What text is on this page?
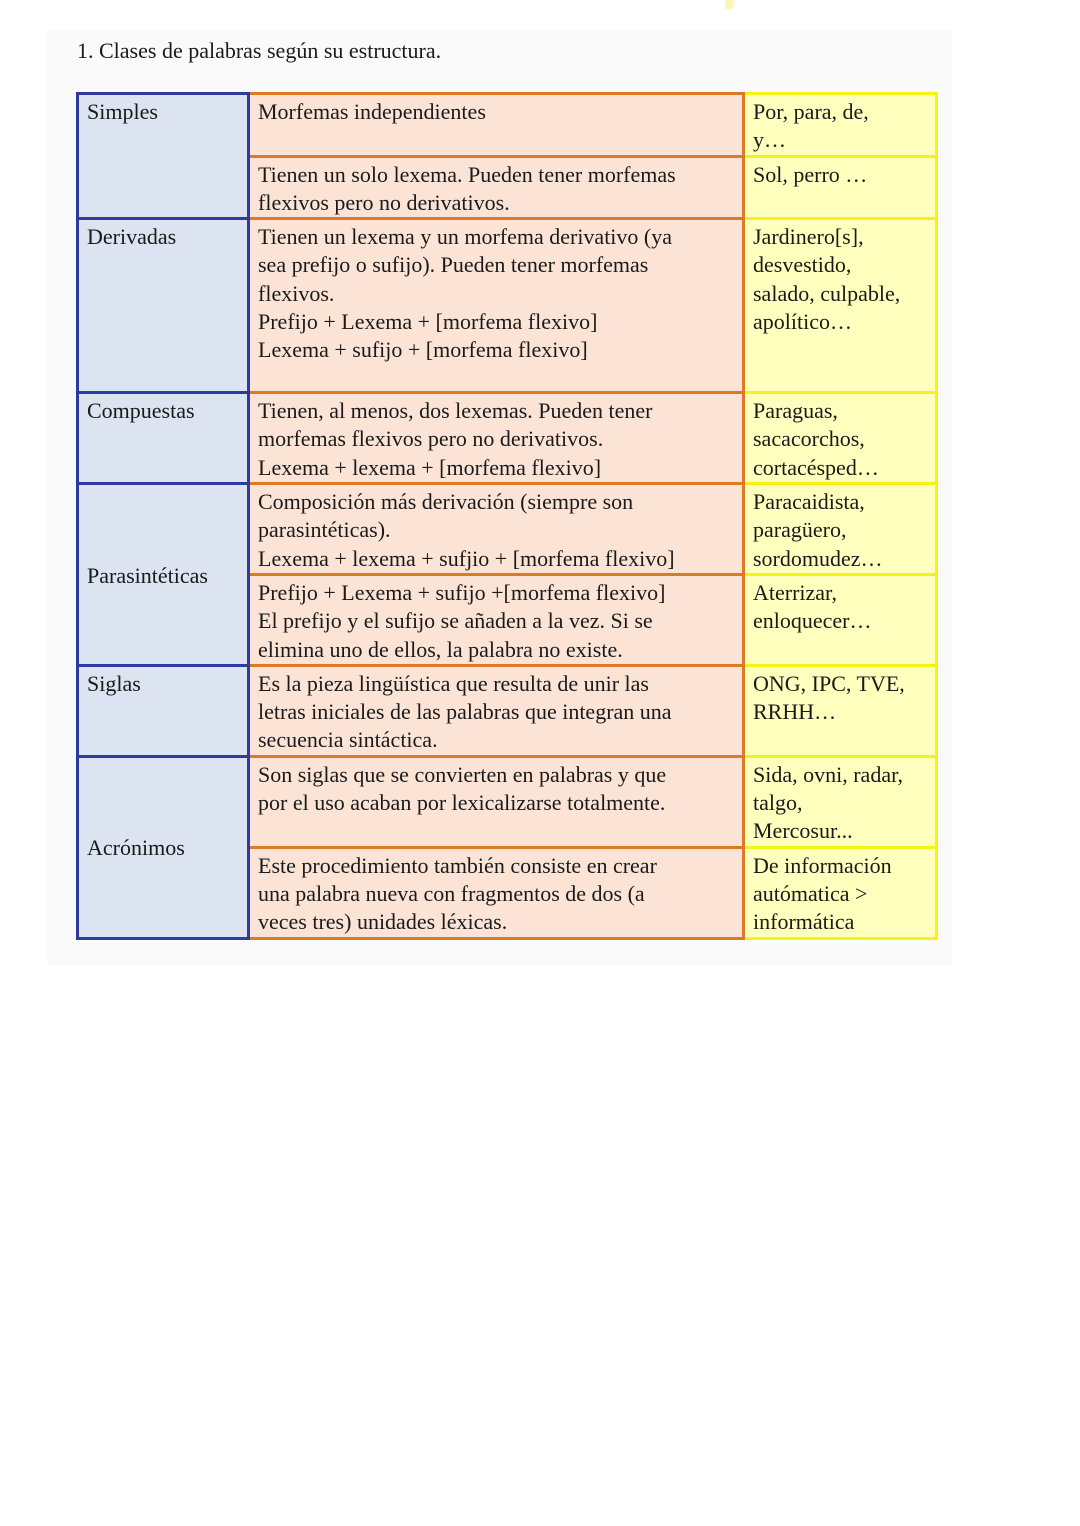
1. Clases de palabras según su estructura.
Simples	Morfemas independientes	Por, para, de,
y…

	Tienen un solo lexema. Pueden tener morfemas
flexivos pero no derivativos.	Sol, perro …

Derivadas	Tienen un lexema y un morfema derivativo (ya
sea prefijo o sufijo). Pueden tener morfemas
flexivos.
Prefijo + Lexema + [morfema flexivo]
Lexema + sufijo + [morfema flexivo]	Jardinero[s],
desvestido,
salado, culpable,
apolítico…

Compuestas	Tienen, al menos, dos lexemas. Pueden tener
morfemas flexivos pero no derivativos.
Lexema + lexema + [morfema flexivo]	Paraguas,
sacacorchos,
cortacésped…

Parasintéticas	Composición más derivación (siempre son
parasintéticas).
Lexema + lexema + sufjio + [morfema flexivo]	Paracaidista,
paragüero,
sordomudez…

	Prefijo + Lexema + sufijo +[morfema flexivo]
El prefijo y el sufijo se añaden a la vez. Si se
elimina uno de ellos, la palabra no existe.	Aterrizar,
enloquecer…

Siglas	Es la pieza lingüística que resulta de unir las
letras iniciales de las palabras que integran una
secuencia sintáctica.	ONG, IPC, TVE,
RRHH…

Acrónimos	Son siglas que se convierten en palabras y que
por el uso acaban por lexicalizarse totalmente.	Sida, ovni, radar,
talgo,
Mercosur...

	Este procedimiento también consiste en crear
una palabra nueva con fragmentos de dos (a
veces tres) unidades léxicas.	De información
autómatica >
informática
